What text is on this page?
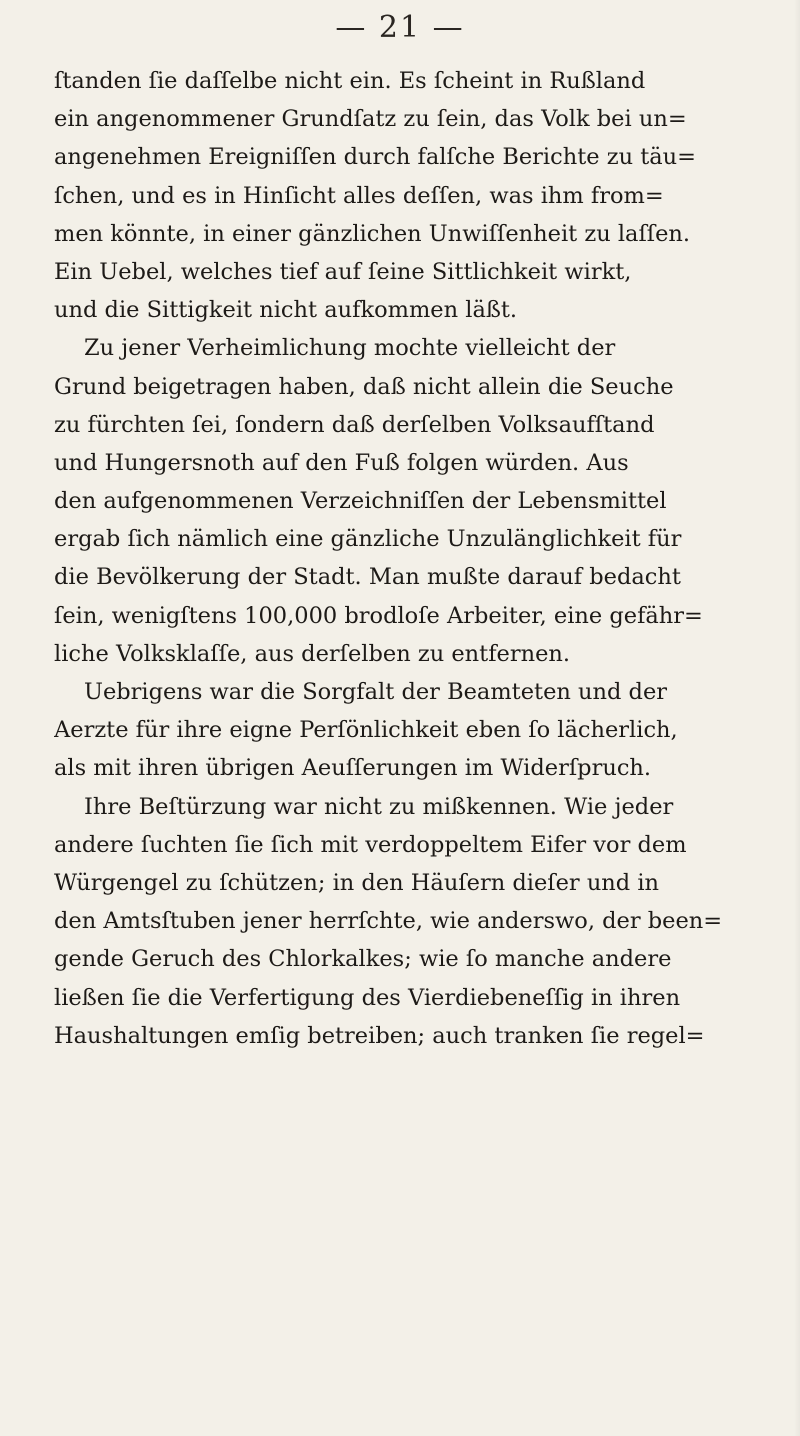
— 21 —
ſtanden ſie daſſelbe nicht ein. Es ſcheint in Rußland
ein angenommener Grundſatz zu ſein, das Volk bei un=
angenehmen Ereigniſſen durch falſche Berichte zu täu=
ſchen, und es in Hinſicht alles deſſen, was ihm from=
men könnte, in einer gänzlichen Unwiſſenheit zu laſſen.
Ein Uebel, welches tief auf ſeine Sittlichkeit wirkt,
und die Sittigkeit nicht aufkommen läßt.
Zu jener Verheimlichung mochte vielleicht der
Grund beigetragen haben, daß nicht allein die Seuche
zu fürchten ſei, ſondern daß derſelben Volksaufſtand
und Hungersnoth auf den Fuß folgen würden. Aus
den aufgenommenen Verzeichniſſen der Lebensmittel
ergab ſich nämlich eine gänzliche Unzulänglichkeit für
die Bevölkerung der Stadt. Man mußte darauf bedacht
ſein, wenigſtens 100,000 brodloſe Arbeiter, eine gefähr=
liche Volksklaſſe, aus derſelben zu entfernen.
Uebrigens war die Sorgfalt der Beamteten und der
Aerzte für ihre eigne Perſönlichkeit eben ſo lächerlich,
als mit ihren übrigen Aeuſſerungen im Widerſpruch.
Ihre Beſtürzung war nicht zu mißkennen. Wie jeder
andere ſuchten ſie ſich mit verdoppeltem Eifer vor dem
Würgengel zu ſchützen; in den Häuſern dieſer und in
den Amtsſtuben jener herrſchte, wie anderswo, der been=
gende Geruch des Chlorkalkes; wie ſo manche andere
ließen ſie die Verfertigung des Vierdiebeneſſig in ihren
Haushaltungen emſig betreiben; auch tranken ſie regel=
